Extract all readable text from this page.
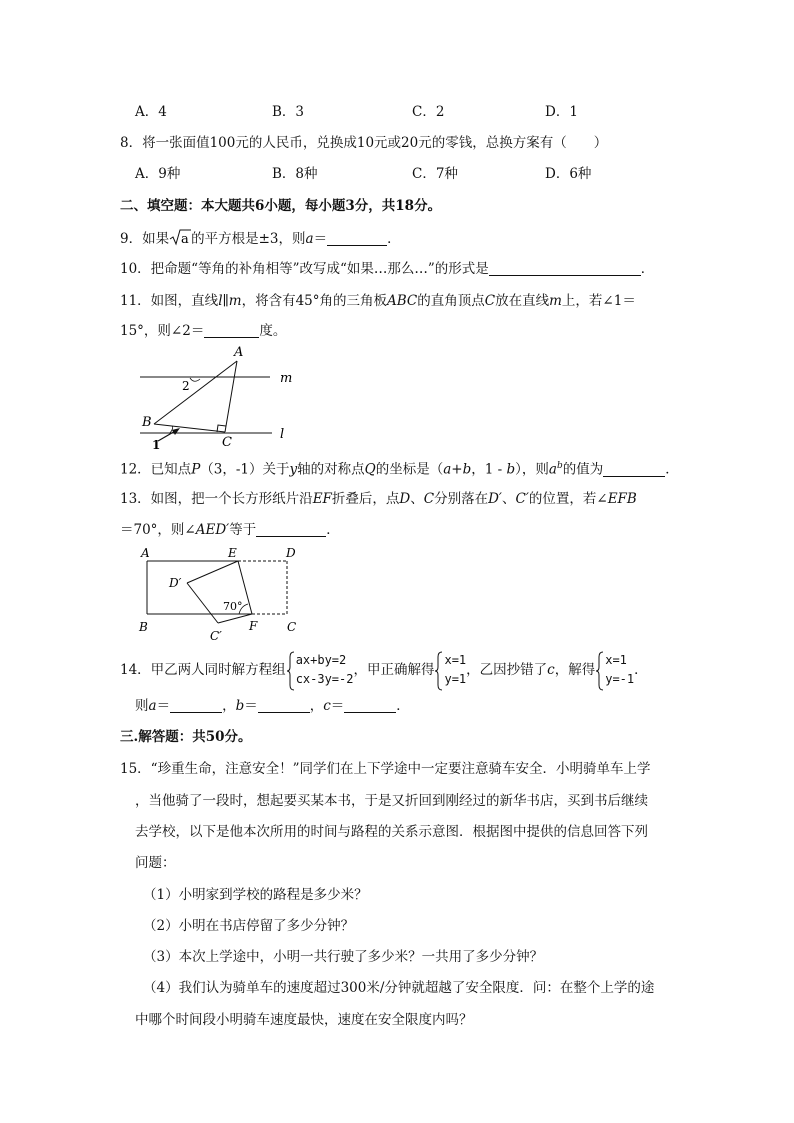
A．4	B．3	C．2	D．1
8．将一张面值100元的人民币，兑换成10元或20元的零钱，总换方案有（　　）
A．9种	B．8种	C．7种	D．6种
二、填空题：本大题共6小题，每小题3分，共18分。
9．如果 a 的平方根是±3，则a＝	．
10．把命题“等角的补角相等”改写成“如果…那么…”的形式是	．
11．如图，直线l∥m，将含有45°角的三角板ABC的直角顶点C放在直线m上，若∠1＝
15°，则∠2＝	度。
A
B
C
m
l
2
1
12．已知点P（3，-1）关于y轴的对称点Q的坐标是（a+b，1 - b），则$a^b$的值为	．
13．如图，把一个长方形纸片沿EF折叠后，点D、C分别落在D′、C′的位置，若∠EFB
＝70°，则∠AED′等于	．
A	E	D
B	F C
D′
C′
70°
14．甲乙两人同时解方程组
ax+by=2
cx-3y=-2
，甲正确解得
x=1
y=1
，乙因抄错了 c ，解得
x=1
y=-1
．
则a＝	，b＝	，c＝	．
三.解答题：共50分。
15．“珍重生命，注意安全！”同学们在上下学途中一定要注意骑车安全．小明骑单车上学
，当他骑了一段时，想起要买某本书，于是又折回到刚经过的新华书店，买到书后继续
去学校，以下是他本次所用的时间与路程的关系示意图．根据图中提供的信息回答下列
问题：
（1）小明家到学校的路程是多少米？
（2）小明在书店停留了多少分钟？
（3）本次上学途中，小明一共行驶了多少米？一共用了多少分钟？
（4）我们认为骑单车的速度超过300米/分钟就超越了安全限度．问：在整个上学的途
中哪个时间段小明骑车速度最快，速度在安全限度内吗？
